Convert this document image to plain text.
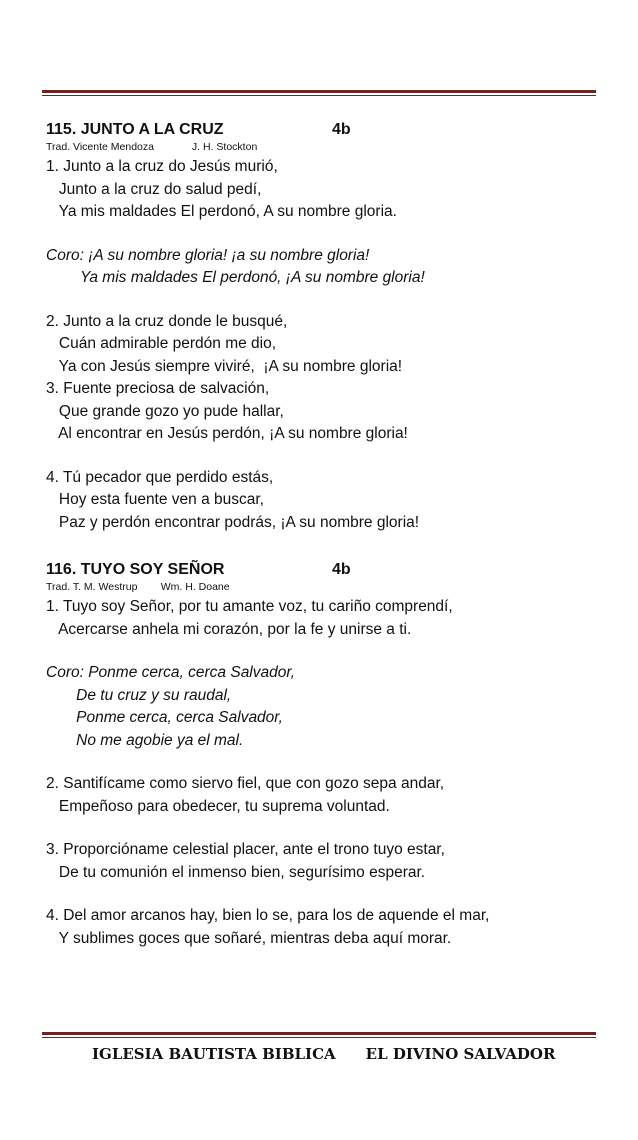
115. JUNTO A LA CRUZ	4b
Trad. Vicente Mendoza	J. H. Stockton
1. Junto a la cruz do Jesús murió,
Junto a la cruz do salud pedí,
Ya mis maldades El perdonó, A su nombre gloria.
Coro: ¡A su nombre gloria! ¡a su nombre gloria!
Ya mis maldades El perdonó, ¡A su nombre gloria!
2. Junto a la cruz donde le busqué,
Cuán admirable perdón me dio,
Ya con Jesús siempre viviré,  ¡A su nombre gloria!
3. Fuente preciosa de salvación,
Que grande gozo yo pude hallar,
Al encontrar en Jesús perdón, ¡A su nombre gloria!
4. Tú pecador que perdido estás,
Hoy esta fuente ven a buscar,
Paz y perdón encontrar podrás, ¡A su nombre gloria!
116. TUYO SOY SEÑOR	4b
Trad. T. M. Westrup Wm. H. Doane
1. Tuyo soy Señor, por tu amante voz, tu cariño comprendí,
Acercarse anhela mi corazón, por la fe y unirse a ti.
Coro: Ponme cerca, cerca Salvador,
De tu cruz y su raudal,
Ponme cerca, cerca Salvador,
No me agobie ya el mal.
2. Santifícame como siervo fiel, que con gozo sepa andar,
Empeñoso para obedecer, tu suprema voluntad.
3. Proporcióname celestial placer, ante el trono tuyo estar,
De tu comunión el inmenso bien, segurísimo esperar.
4. Del amor arcanos hay, bien lo se, para los de aquende el mar,
Y sublimes goces que soñaré, mientras deba aquí morar.
IGLESIA BAUTISTA BIBLICA EL DIVINO SALVADOR
